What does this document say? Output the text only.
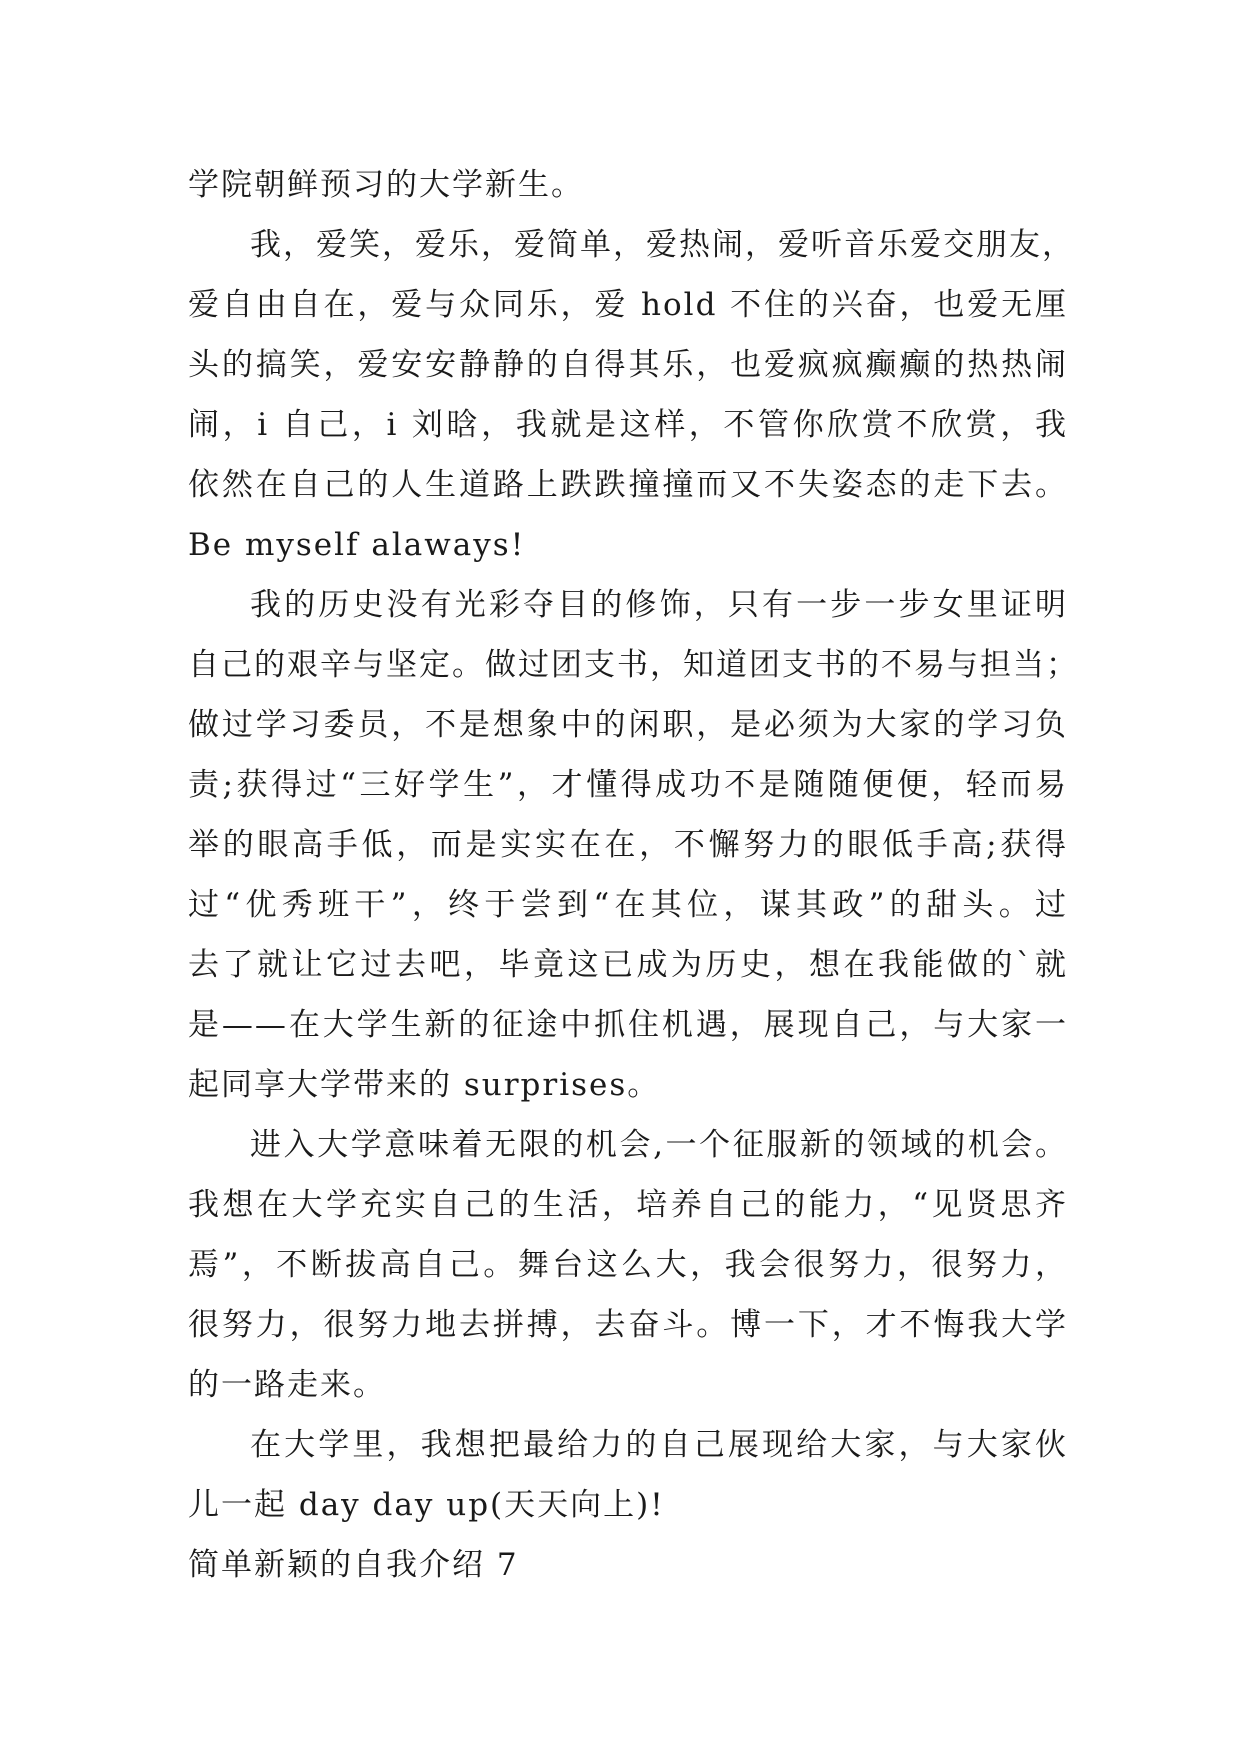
学院朝鲜预习的大学新生。
我，爱笑，爱乐，爱简单，爱热闹，爱听音乐爱交朋友，
爱自由自在，爱与众同乐，爱 hold 不住的兴奋，也爱无厘
头的搞笑，爱安安静静的自得其乐，也爱疯疯癫癫的热热闹
闹，i 自己，i 刘晗，我就是这样，不管你欣赏不欣赏，我
依然在自己的人生道路上跌跌撞撞而又不失姿态的走下去。
Be myself alaways!
我的历史没有光彩夺目的修饰，只有一步一步女里证明
自己的艰辛与坚定。做过团支书，知道团支书的不易与担当；
做过学习委员，不是想象中的闲职，是必须为大家的学习负
责;获得过“三好学生”，才懂得成功不是随随便便，轻而易
举的眼高手低，而是实实在在，不懈努力的眼低手高;获得
过“优秀班干”，终于尝到“在其位，谋其政”的甜头。过
去了就让它过去吧，毕竟这已成为历史，想在我能做的`就
是——在大学生新的征途中抓住机遇，展现自己，与大家一
起同享大学带来的 surprises。
进入大学意味着无限的机会,一个征服新的领域的机会。
我想在大学充实自己的生活，培养自己的能力，“见贤思齐
焉”，不断拔高自己。舞台这么大，我会很努力，很努力，
很努力，很努力地去拼搏，去奋斗。博一下，才不悔我大学
的一路走来。
在大学里，我想把最给力的自己展现给大家，与大家伙
儿一起 day day up(天天向上)!
简单新颖的自我介绍 7
